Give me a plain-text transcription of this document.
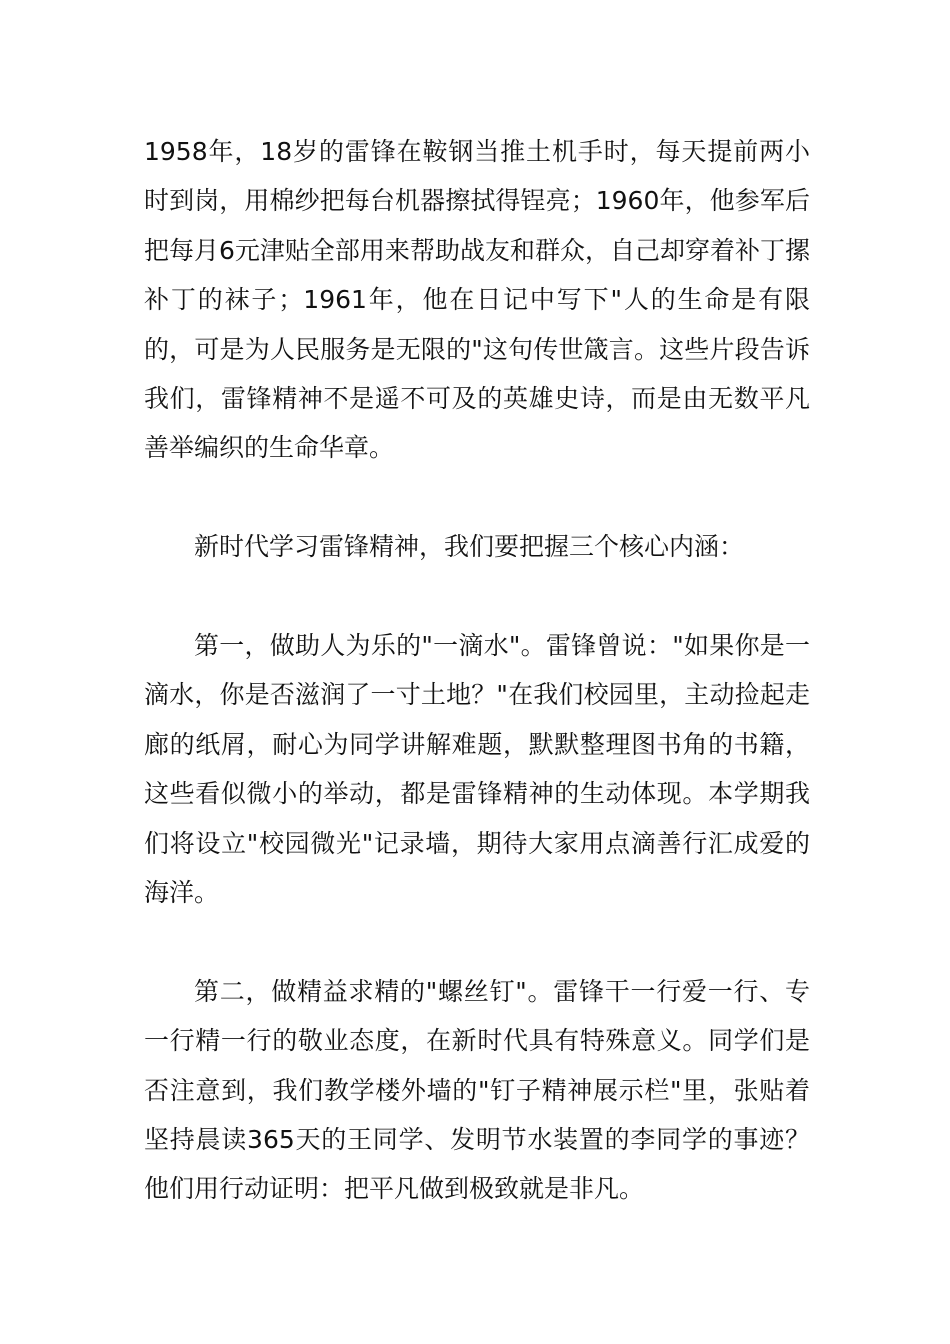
1958年，18岁的雷锋在鞍钢当推土机手时，每天提前两小时到岗，用棉纱把每台机器擦拭得锃亮；1960年，他参军后把每月6元津贴全部用来帮助战友和群众，自己却穿着补丁摞补丁的袜子；1961年，他在日记中写下"人的生命是有限的，可是为人民服务是无限的"这句传世箴言。这些片段告诉我们，雷锋精神不是遥不可及的英雄史诗，而是由无数平凡善举编织的生命华章。

新时代学习雷锋精神，我们要把握三个核心内涵：

第一，做助人为乐的"一滴水"。雷锋曾说："如果你是一滴水，你是否滋润了一寸土地？"在我们校园里，主动捡起走廊的纸屑，耐心为同学讲解难题，默默整理图书角的书籍，这些看似微小的举动，都是雷锋精神的生动体现。本学期我们将设立"校园微光"记录墙，期待大家用点滴善行汇成爱的海洋。

第二，做精益求精的"螺丝钉"。雷锋干一行爱一行、专一行精一行的敬业态度，在新时代具有特殊意义。同学们是否注意到，我们教学楼外墙的"钉子精神展示栏"里，张贴着坚持晨读365天的王同学、发明节水装置的李同学的事迹？他们用行动证明：把平凡做到极致就是非凡。
